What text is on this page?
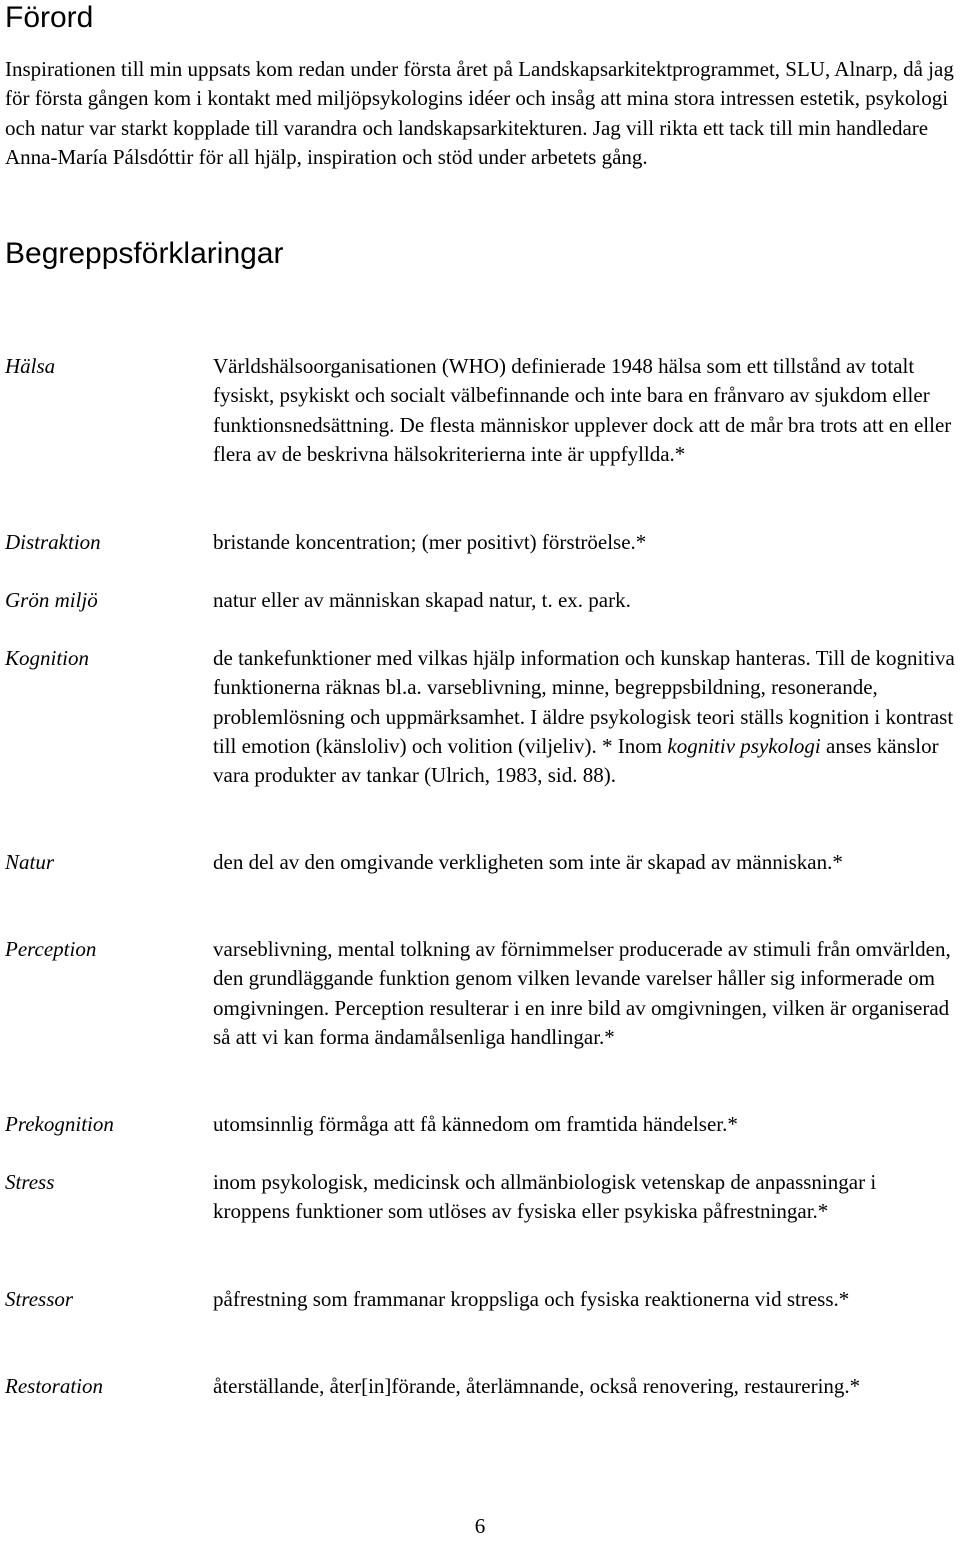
Förord

Inspirationen till min uppsats kom redan under första året på Landskapsarkitektprogrammet, SLU, Alnarp, då jag för första gången kom i kontakt med miljöpsykologins idéer och insåg att mina stora intressen estetik, psykologi och natur var starkt kopplade till varandra och landskapsarkitekturen. Jag vill rikta ett tack till min handledare Anna-María Pálsdóttir för all hjälp, inspiration och stöd under arbetets gång.

Begreppsförklaringar
Hälsa	Världshälsoorganisationen (WHO) definierade 1948 hälsa som ett tillstånd av totalt fysiskt, psykiskt och socialt välbefinnande och inte bara en frånvaro av sjukdom eller funktionsnedsättning. De flesta människor upplever dock att de mår bra trots att en eller flera av de beskrivna hälsokriterierna inte är uppfyllda.*
Distraktion	bristande koncentration; (mer positivt) förströelse.*
Grön miljö	natur eller av människan skapad natur, t. ex. park.
Kognition	de tankefunktioner med vilkas hjälp information och kunskap hanteras. Till de kognitiva funktionerna räknas bl.a. varseblivning, minne, begreppsbildning, resonerande, problemlösning och uppmärksamhet. I äldre psykologisk teori ställs kognition i kontrast till emotion (känsloliv) och volition (viljeliv). * Inom kognitiv psykologi anses känslor vara produkter av tankar (Ulrich, 1983, sid. 88).
Natur	den del av den omgivande verkligheten som inte är skapad av människan.*
Perception	varseblivning, mental tolkning av förnimmelser producerade av stimuli från omvärlden, den grundläggande funktion genom vilken levande varelser håller sig informerade om omgivningen. Perception resulterar i en inre bild av omgivningen, vilken är organiserad så att vi kan forma ändamålsenliga handlingar.*
Prekognition	utomsinnlig förmåga att få kännedom om framtida händelser.*
Stress	inom psykologisk, medicinsk och allmänbiologisk vetenskap de anpassningar i kroppens funktioner som utlöses av fysiska eller psykiska påfrestningar.*
Stressor	påfrestning som frammanar kroppsliga och fysiska reaktionerna vid stress.*
Restoration	återställande, åter[in]förande, återlämnande, också renovering, restaurering.*
6
